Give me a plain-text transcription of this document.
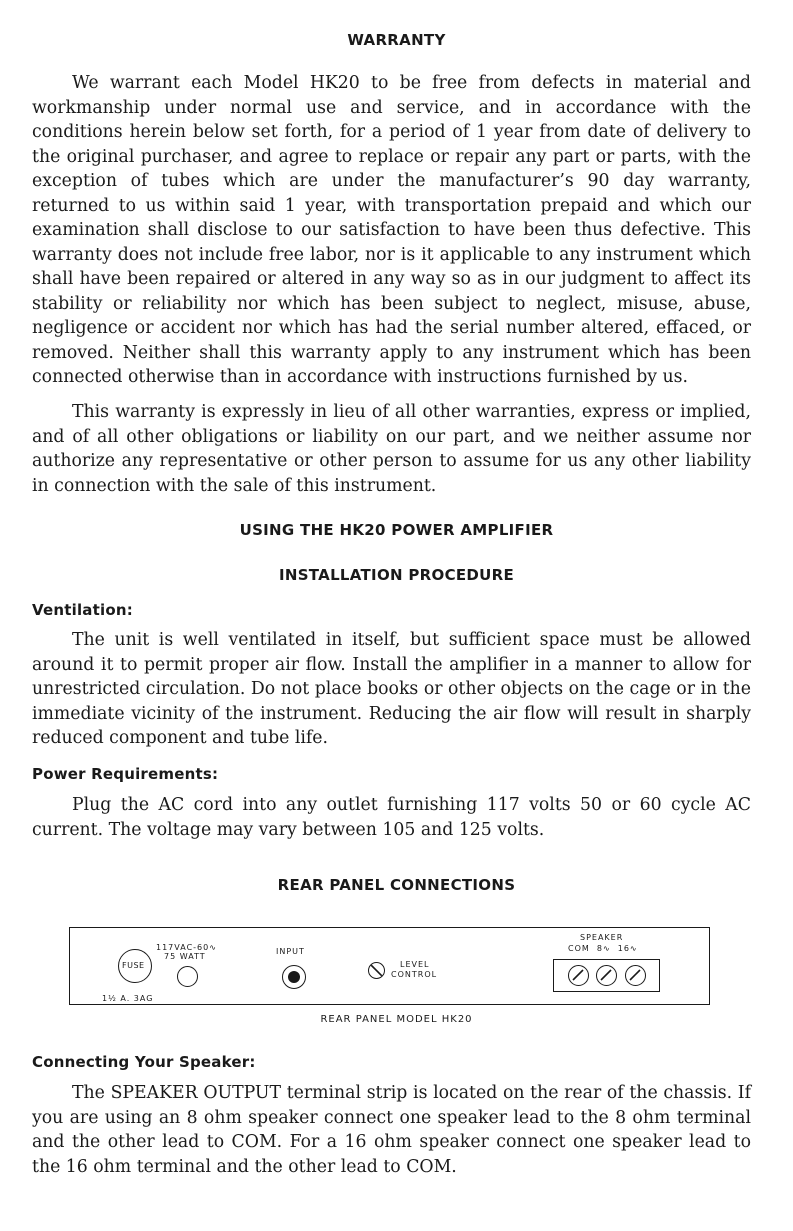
WARRANTY

We warrant each Model HK20 to be free from defects in material and workmanship under normal use and service, and in accordance with the conditions herein below set forth, for a period of 1 year from date of delivery to the original purchaser, and agree to replace or repair any part or parts, with the exception of tubes which are under the manufacturer’s 90 day warranty, returned to us within said 1 year, with transportation prepaid and which our examination shall disclose to our satisfaction to have been thus defective. This warranty does not include free labor, nor is it applicable to any instrument which shall have been repaired or altered in any way so as in our judgment to affect its stability or reliability nor which has been subject to neglect, misuse, abuse, negligence or accident nor which has had the serial number altered, effaced, or removed. Neither shall this warranty apply to any instrument which has been connected otherwise than in accordance with instructions furnished by us.

This warranty is expressly in lieu of all other warranties, express or implied, and of all other obligations or liability on our part, and we neither assume nor authorize any representative or other person to assume for us any other liability in connection with the sale of this instrument.

USING THE HK20 POWER AMPLIFIER
INSTALLATION PROCEDURE
Ventilation:

The unit is well ventilated in itself, but sufficient space must be allowed around it to permit proper air flow. Install the amplifier in a manner to allow for unrestricted circulation. Do not place books or other objects on the cage or in the immediate vicinity of the instrument. Reducing the air flow will result in sharply reduced component and tube life.

Power Requirements:

Plug the AC cord into any outlet furnishing 117 volts 50 or 60 cycle AC current. The voltage may vary between 105 and 125 volts.

REAR PANEL CONNECTIONS
FUSE
1½ A. 3AG
117VAC-60∿
75 WATT
INPUT
LEVEL
CONTROL
SPEAKER
COM  8∿  16∿
REAR PANEL MODEL HK20
Connecting Your Speaker:

The SPEAKER OUTPUT terminal strip is located on the rear of the chassis. If you are using an 8 ohm speaker connect one speaker lead to the 8 ohm terminal and the other lead to COM. For a 16 ohm speaker connect one speaker lead to the 16 ohm terminal and the other lead to COM.
